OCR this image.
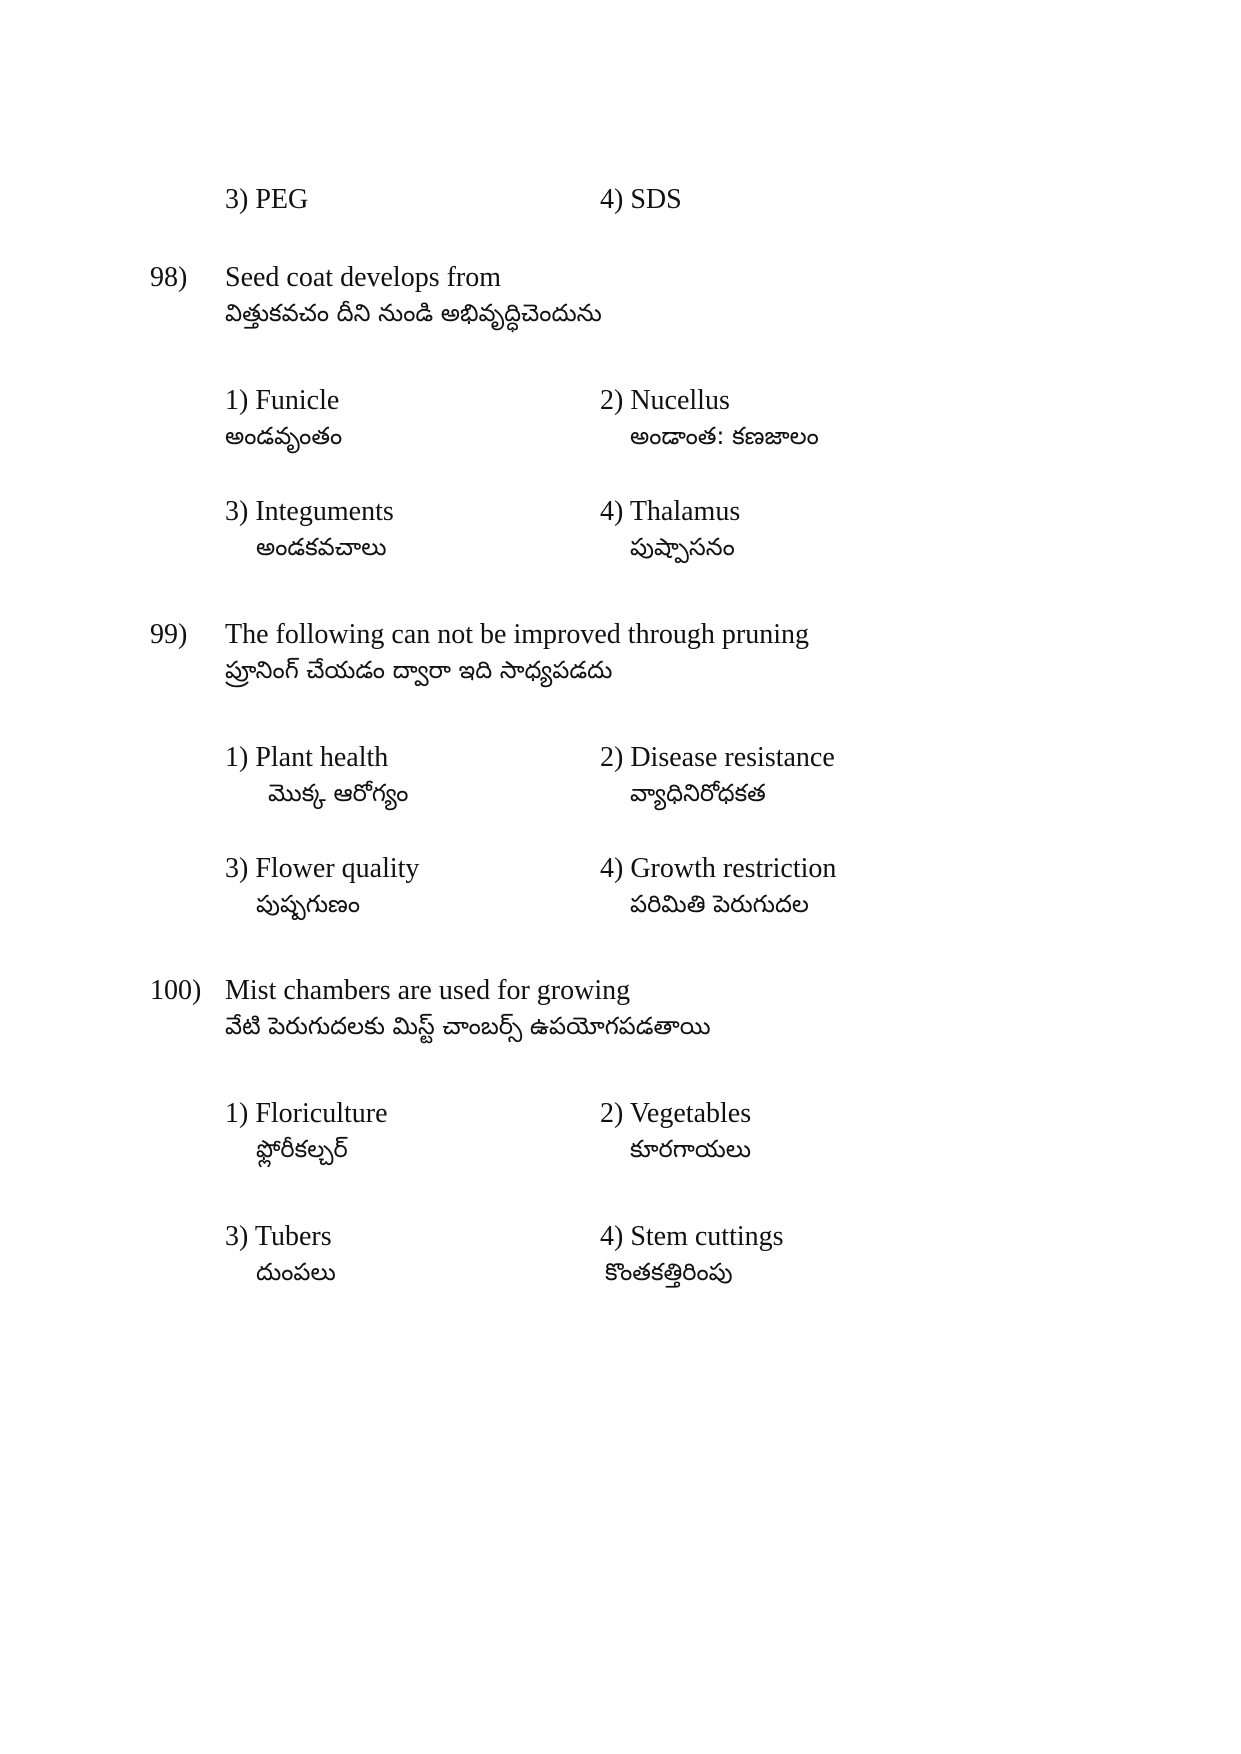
3) PEG	4) SDS
98) Seed coat develops from
విత్తుకవచం దీని నుండి అభివృద్ధిచెందును
1) Funicle
అండవృంతం
2) Nucellus
అండాంత: కణజాలం
3) Integuments
అండకవచాలు
4) Thalamus
పుష్పాసనం
99) The following can not be improved through pruning
ప్రూనింగ్ చేయడం ద్వారా ఇది సాధ్యపడదు
1) Plant health
మొక్క ఆరోగ్యం
2) Disease resistance
వ్యాధినిరోధకత
3) Flower quality
పుష్పగుణం
4) Growth restriction
పరిమితి పెరుగుదల
100) Mist chambers are used for growing
వేటి పెరుగుదలకు మిస్ట్ చాంబర్స్ ఉపయోగపడతాయి
1) Floriculture
ఫ్లోరీకల్చర్
2) Vegetables
కూరగాయలు
3) Tubers
దుంపలు
4) Stem cuttings
కొంతకత్తిరింపు
